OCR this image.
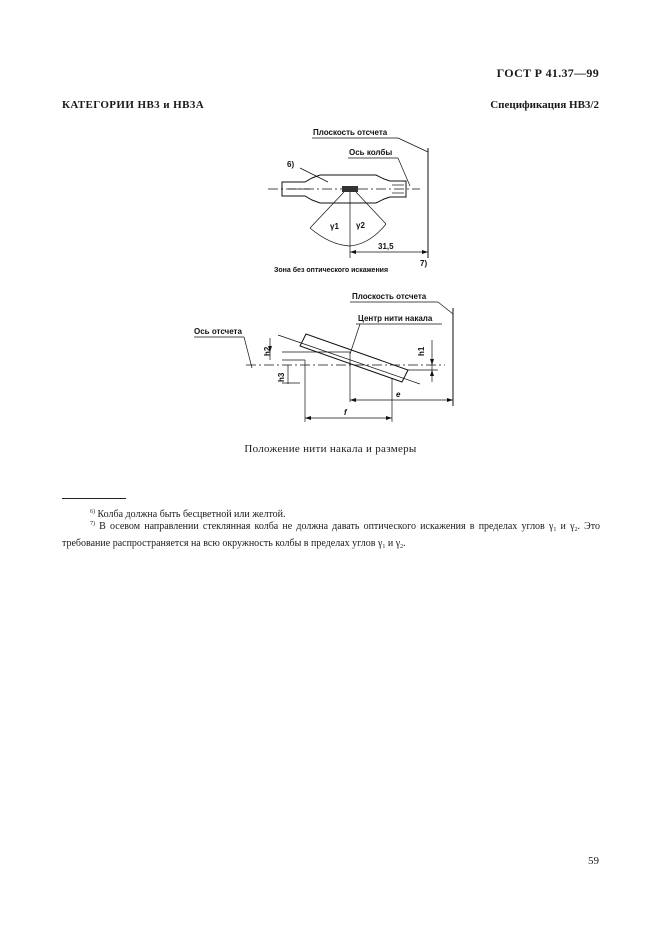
ГОСТ Р 41.37—99
КАТЕГОРИИ НВ3 и НВ3А	Спецификация НВ3/2
Плоскость отсчета
Ось колбы
6)
γ1 γ2
31,5
Зона без оптического искажения
7)
Плоскость отсчета
Центр нити накала
Ось отсчета
h2
h3
h1
e
f
Положение нити накала и размеры
$^{6)}$ Колба должна быть бесцветной или желтой.
$^{7)}$ В осевом направлении стеклянная колба не должна давать оптического искажения в пределах углов $\gamma_1$ и $\gamma_2$. Это требование распространяется на всю окружность колбы в пределах углов $\gamma_1$ и $\gamma_2$.
59
